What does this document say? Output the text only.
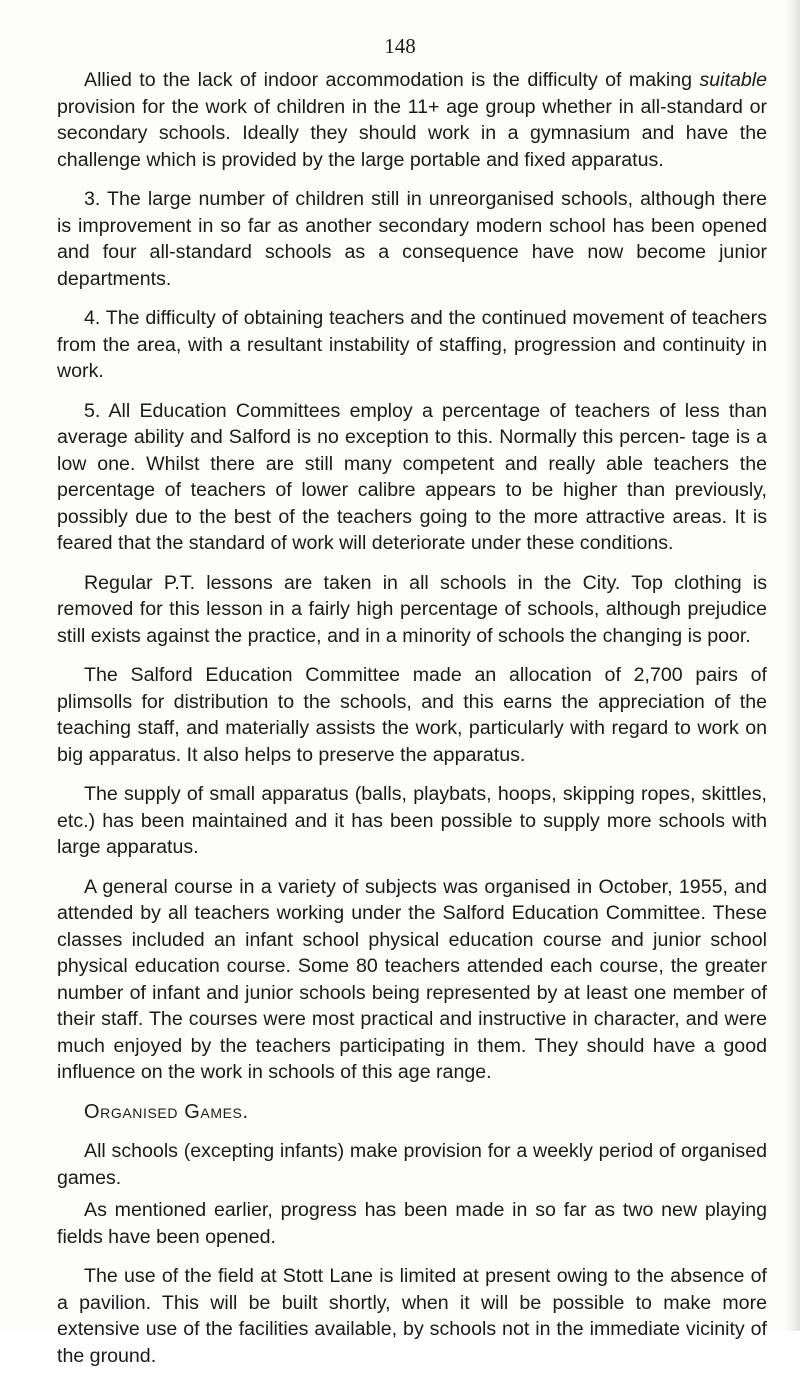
148

Allied to the lack of indoor accommodation is the difficulty of making suitable provision for the work of children in the 11+ age group whether in all-standard or secondary schools. Ideally they should work in a gymnasium and have the challenge which is provided by the large portable and fixed apparatus.

3. The large number of children still in unreorganised schools, although there is improvement in so far as another secondary modern school has been opened and four all-standard schools as a consequence have now become junior departments.

4. The difficulty of obtaining teachers and the continued movement of teachers from the area, with a resultant instability of staffing, progression and continuity in work.

5. All Education Committees employ a percentage of teachers of less than average ability and Salford is no exception to this. Normally this percen- tage is a low one. Whilst there are still many competent and really able teachers the percentage of teachers of lower calibre appears to be higher than previously, possibly due to the best of the teachers going to the more attractive areas. It is feared that the standard of work will deteriorate under these conditions.

Regular P.T. lessons are taken in all schools in the City. Top clothing is removed for this lesson in a fairly high percentage of schools, although prejudice still exists against the practice, and in a minority of schools the changing is poor.

The Salford Education Committee made an allocation of 2,700 pairs of plimsolls for distribution to the schools, and this earns the appreciation of the teaching staff, and materially assists the work, particularly with regard to work on big apparatus. It also helps to preserve the apparatus.

The supply of small apparatus (balls, playbats, hoops, skipping ropes, skittles, etc.) has been maintained and it has been possible to supply more schools with large apparatus.

A general course in a variety of subjects was organised in October, 1955, and attended by all teachers working under the Salford Education Committee. These classes included an infant school physical education course and junior school physical education course. Some 80 teachers attended each course, the greater number of infant and junior schools being represented by at least one member of their staff. The courses were most practical and instructive in character, and were much enjoyed by the teachers participating in them. They should have a good influence on the work in schools of this age range.

Organised Games.

All schools (excepting infants) make provision for a weekly period of organised games.

As mentioned earlier, progress has been made in so far as two new playing fields have been opened.

The use of the field at Stott Lane is limited at present owing to the absence of a pavilion. This will be built shortly, when it will be possible to make more extensive use of the facilities available, by schools not in the immediate vicinity of the ground.
